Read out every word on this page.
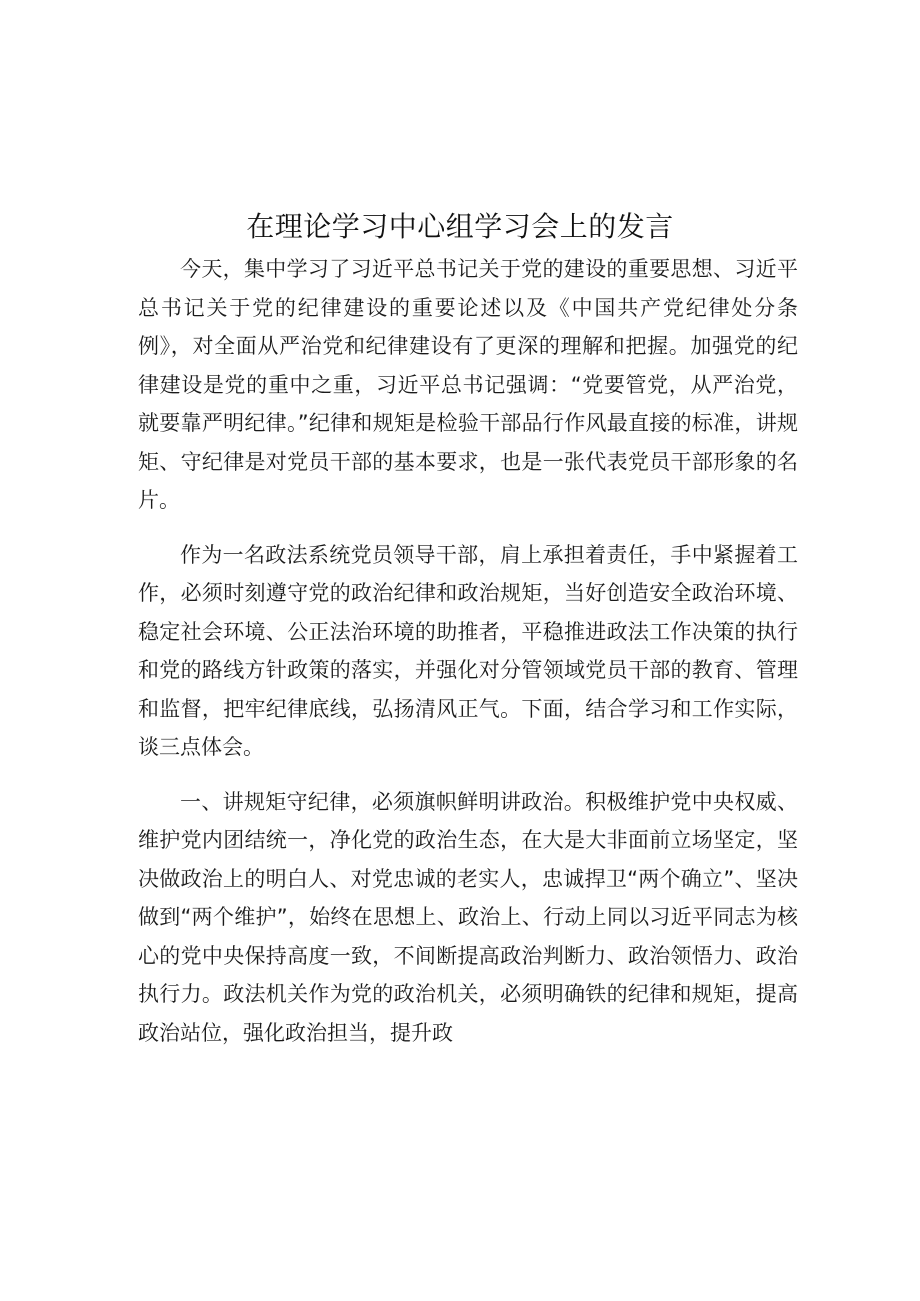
在理论学习中心组学习会上的发言

今天，集中学习了习近平总书记关于党的建设的重要思想、习近平总书记关于党的纪律建设的重要论述以及《中国共产党纪律处分条例》，对全面从严治党和纪律建设有了更深的理解和把握。加强党的纪律建设是党的重中之重，习近平总书记强调：“党要管党，从严治党，就要靠严明纪律。”纪律和规矩是检验干部品行作风最直接的标准，讲规矩、守纪律是对党员干部的基本要求，也是一张代表党员干部形象的名片。

作为一名政法系统党员领导干部，肩上承担着责任，手中紧握着工作，必须时刻遵守党的政治纪律和政治规矩，当好创造安全政治环境、稳定社会环境、公正法治环境的助推者，平稳推进政法工作决策的执行和党的路线方针政策的落实，并强化对分管领域党员干部的教育、管理和监督，把牢纪律底线，弘扬清风正气。下面，结合学习和工作实际，谈三点体会。

一、讲规矩守纪律，必须旗帜鲜明讲政治。积极维护党中央权威、维护党内团结统一，净化党的政治生态，在大是大非面前立场坚定，坚决做政治上的明白人、对党忠诚的老实人，忠诚捍卫“两个确立”、坚决做到“两个维护”，始终在思想上、政治上、行动上同以习近平同志为核心的党中央保持高度一致，不间断提高政治判断力、政治领悟力、政治执行力。政法机关作为党的政治机关，必须明确铁的纪律和规矩，提高政治站位，强化政治担当，提升政
